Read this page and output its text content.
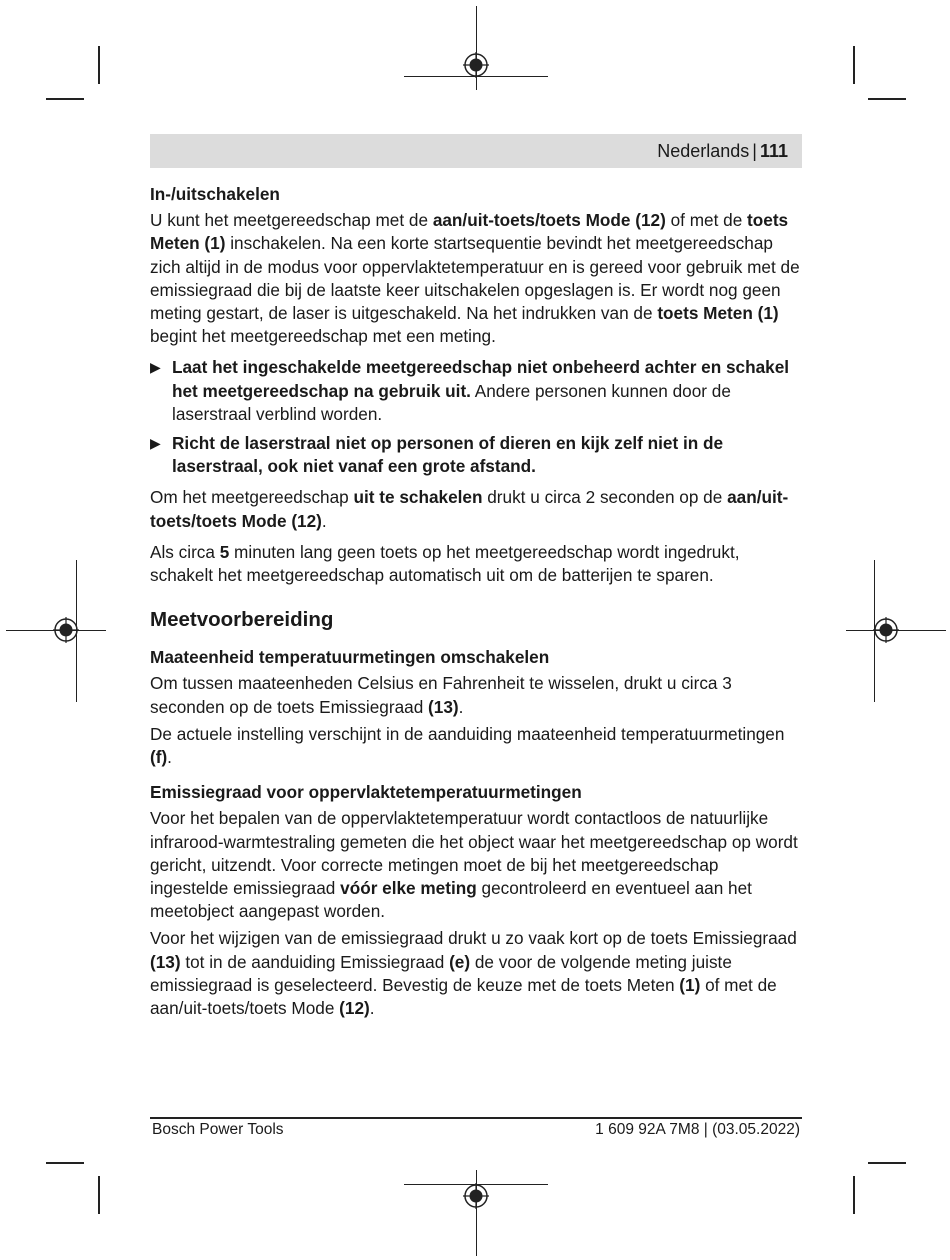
Nederlands | 111
In-/uitschakelen

U kunt het meetgereedschap met de aan/uit-toets/toets Mode (12) of met de toets Meten (1) inschakelen. Na een korte startsequentie bevindt het meetgereedschap zich altijd in de modus voor oppervlaktetemperatuur en is gereed voor gebruik met de emissiegraad die bij de laatste keer uitschakelen opgeslagen is. Er wordt nog geen meting gestart, de laser is uitgeschakeld. Na het indrukken van de toets Meten (1) begint het meetgereedschap met een meting.

▶ Laat het ingeschakelde meetgereedschap niet onbeheerd achter en schakel het meetgereedschap na gebruik uit. Andere personen kunnen door de laserstraal verblind worden.
▶ Richt de laserstraal niet op personen of dieren en kijk zelf niet in de laserstraal, ook niet vanaf een grote afstand.

Om het meetgereedschap uit te schakelen drukt u circa 2 seconden op de aan/uit-toets/toets Mode (12).

Als circa 5 minuten lang geen toets op het meetgereedschap wordt ingedrukt, schakelt het meetgereedschap automatisch uit om de batterijen te sparen.

Meetvoorbereiding
Maateenheid temperatuurmetingen omschakelen

Om tussen maateenheden Celsius en Fahrenheit te wisselen, drukt u circa 3 seconden op de toets Emissiegraad (13).

De actuele instelling verschijnt in de aanduiding maateenheid temperatuurmetingen (f).

Emissiegraad voor oppervlaktetemperatuurmetingen

Voor het bepalen van de oppervlaktetemperatuur wordt contactloos de natuurlijke infrarood-warmtestraling gemeten die het object waar het meetgereedschap op wordt gericht, uitzendt. Voor correcte metingen moet de bij het meetgereedschap ingestelde emissiegraad vóór elke meting gecontroleerd en eventueel aan het meetobject aangepast worden.

Voor het wijzigen van de emissiegraad drukt u zo vaak kort op de toets Emissiegraad (13) tot in de aanduiding Emissiegraad (e) de voor de volgende meting juiste emissiegraad is geselecteerd. Bevestig de keuze met de toets Meten (1) of met de aan/uit-toets/toets Mode (12).

Bosch Power Tools	1 609 92A 7M8 | (03.05.2022)
